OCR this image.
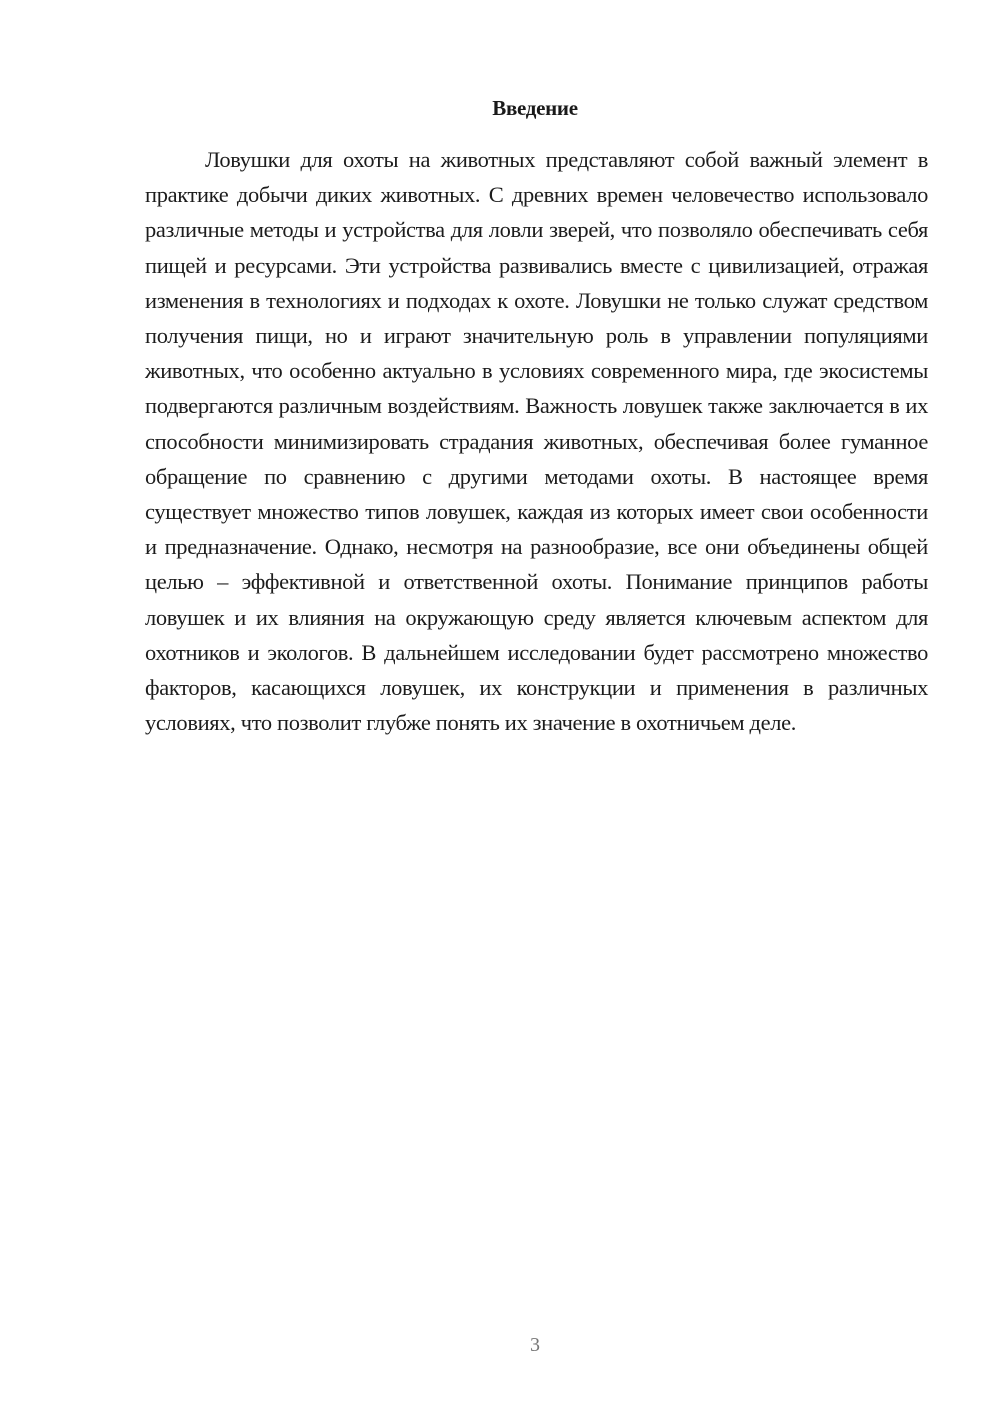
Введение

Ловушки для охоты на животных представляют собой важный элемент в практике добычи диких животных. С древних времен человечество использовало различные методы и устройства для ловли зверей, что позволяло обеспечивать себя пищей и ресурсами. Эти устройства развивались вместе с цивилизацией, отражая изменения в технологиях и подходах к охоте. Ловушки не только служат средством получения пищи, но и играют значительную роль в управлении популяциями животных, что особенно актуально в условиях современного мира, где экосистемы подвергаются различным воздействиям. Важность ловушек также заключается в их способности минимизировать страдания животных, обеспечивая более гуманное обращение по сравнению с другими методами охоты. В настоящее время существует множество типов ловушек, каждая из которых имеет свои особенности и предназначение. Однако, несмотря на разнообразие, все они объединены общей целью – эффективной и ответственной охоты. Понимание принципов работы ловушек и их влияния на окружающую среду является ключевым аспектом для охотников и экологов. В дальнейшем исследовании будет рассмотрено множество факторов, касающихся ловушек, их конструкции и применения в различных условиях, что позволит глубже понять их значение в охотничьем деле.

3
